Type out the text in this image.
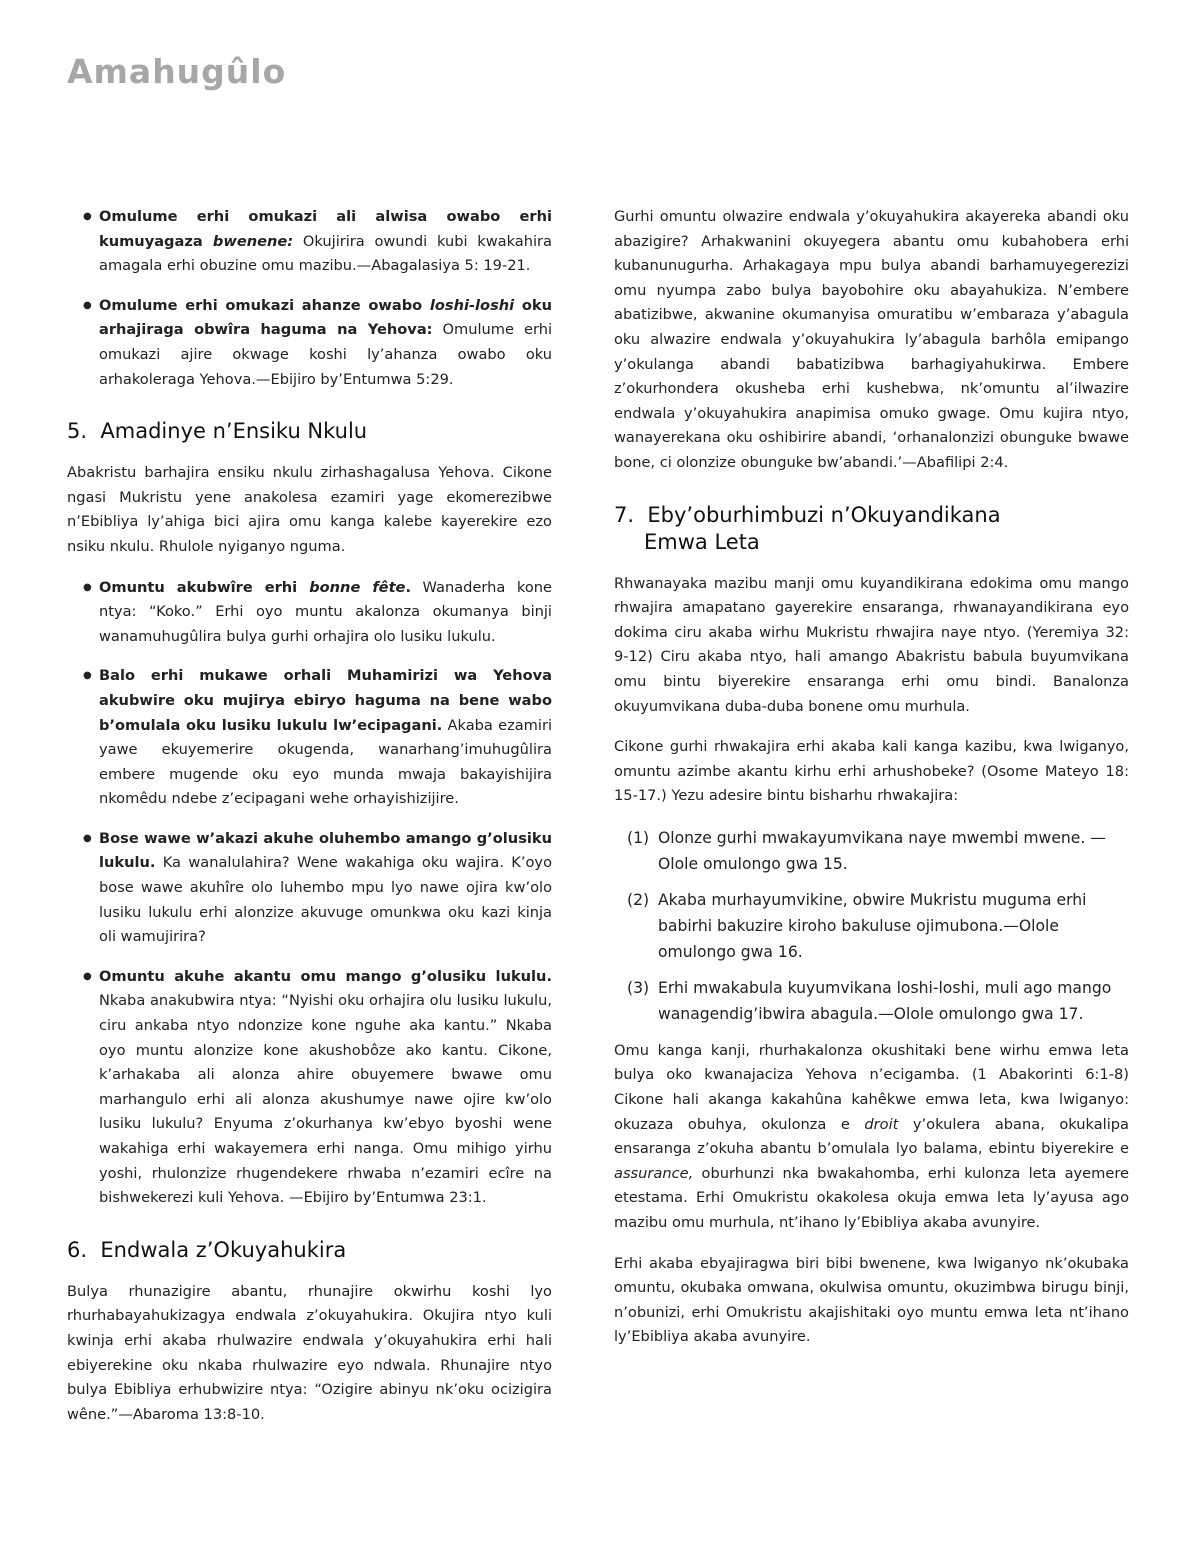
Amahugûlo
● Omulume erhi omukazi ali alwisa owabo erhi kumuyagaza bwenene: Okujirira owundi kubi kwakahira amagala erhi obuzine omu mazibu.—Abagalasiya 5: 19-21.
● Omulume erhi omukazi ahanze owabo loshi-loshi oku arhajiraga obwîra haguma na Yehova: Omulume erhi omukazi ajire okwage koshi ly’ahanza owabo oku arhakoleraga Yehova.—Ebijiro by’Entumwa 5:29.
5. Amadinye n’Ensiku Nkulu

Abakristu barhajira ensiku nkulu zirhashagalusa Yehova. Cikone ngasi Mukristu yene anakolesa ezamiri yage ekomerezibwe n’Ebibliya ly’ahiga bici ajira omu kanga kalebe kayerekire ezo nsiku nkulu. Rhulole nyiganyo nguma.

● Omuntu akubwîre erhi bonne fête. Wanaderha kone ntya: “Koko.” Erhi oyo muntu akalonza okumanya binji wanamuhugûlira bulya gurhi orhajira olo lusiku lukulu.
● Balo erhi mukawe orhali Muhamirizi wa Yehova akubwire oku mujirya ebiryo haguma na bene wabo b’omulala oku lusiku lukulu lw’ecipagani. Akaba ezamiri yawe ekuyemerire okugenda, wanarhang’imuhugûlira embere mugende oku eyo munda mwaja bakayishijira nkomêdu ndebe z’ecipagani wehe orhayishizijire.
● Bose wawe w’akazi akuhe oluhembo amango g’olusiku lukulu. Ka wanalulahira? Wene wakahiga oku wajira. K’oyo bose wawe akuhîre olo luhembo mpu lyo nawe ojira kw’olo lusiku lukulu erhi alonzize akuvuge omunkwa oku kazi kinja oli wamujirira?
● Omuntu akuhe akantu omu mango g’olusiku lukulu. Nkaba anakubwira ntya: “Nyishi oku orhajira olu lusiku lukulu, ciru ankaba ntyo ndonzize kone nguhe aka kantu.” Nkaba oyo muntu alonzize kone akushobôze ako kantu. Cikone, k’arhakaba ali alonza ahire obuyemere bwawe omu marhangulo erhi ali alonza akushumye nawe ojire kw’olo lusiku lukulu? Enyuma z’okurhanya kw’ebyo byoshi wene wakahiga erhi wakayemera erhi nanga. Omu mihigo yirhu yoshi, rhulonzize rhugendekere rhwaba n’ezamiri ecîre na bishwekerezi kuli Yehova. —Ebijiro by’Entumwa 23:1.
6. Endwala z’Okuyahukira

Bulya rhunazigire abantu, rhunajire okwirhu koshi lyo rhurhabayahukizagya endwala z’okuyahukira. Okujira ntyo kuli kwinja erhi akaba rhulwazire endwala y’okuyahukira erhi hali ebiyerekine oku nkaba rhulwazire eyo ndwala. Rhunajire ntyo bulya Ebibliya erhubwizire ntya: “Ozigire abinyu nk’oku ocizigira wêne.”—Abaroma 13:8-10.

Gurhi omuntu olwazire endwala y’okuyahukira akayereka abandi oku abazigire? Arhakwanini okuyegera abantu omu kubahobera erhi kubanunugurha. Arhakagaya mpu bulya abandi barhamuyegerezizi omu nyumpa zabo bulya bayobohire oku abayahukiza. N’embere abatizibwe, akwanine okumanyisa omuratibu w’embaraza y’abagula oku alwazire endwala y’okuyahukira ly’abagula barhôla emipango y’okulanga abandi babatizibwa barhagiyahukirwa. Embere z’okurhondera okusheba erhi kushebwa, nk’omuntu al’ilwazire endwala y’okuyahukira anapimisa omuko gwage. Omu kujira ntyo, wanayerekana oku oshibirire abandi, ‘orhanalonzizi obunguke bwawe bone, ci olonzize obunguke bw’abandi.’—Abafilipi 2:4.

7. Eby’oburhimbuzi n’Okuyandikana
Emwa Leta

Rhwanayaka mazibu manji omu kuyandikirana edokima omu mango rhwajira amapatano gayerekire ensaranga, rhwanayandikirana eyo dokima ciru akaba wirhu Mukristu rhwajira naye ntyo. (Yeremiya 32: 9-12) Ciru akaba ntyo, hali amango Abakristu babula buyumvikana omu bintu biyerekire ensaranga erhi omu bindi. Banalonza okuyumvikana duba-duba bonene omu murhula.

Cikone gurhi rhwakajira erhi akaba kali kanga kazibu, kwa lwiganyo, omuntu azimbe akantu kirhu erhi arhushobeke? (Osome Mateyo 18: 15-17.) Yezu adesire bintu bisharhu rhwakajira:

(1) Olonze gurhi mwakayumvikana naye mwembi mwene. —Olole omulongo gwa 15.
(2) Akaba murhayumvikine, obwire Mukristu muguma erhi babirhi bakuzire kiroho bakuluse ojimubona.—Olole omulongo gwa 16.
(3) Erhi mwakabula kuyumvikana loshi-loshi, muli ago mango wanagendig’ibwira abagula.—Olole omulongo gwa 17.

Omu kanga kanji, rhurhakalonza okushitaki bene wirhu emwa leta bulya oko kwanajaciza Yehova n’ecigamba. (1 Abakorinti 6:1-8) Cikone hali akanga kakahûna kahêkwe emwa leta, kwa lwiganyo: okuzaza obuhya, okulonza e droit y’okulera abana, okukalipa ensaranga z’okuha abantu b’omulala lyo balama, ebintu biyerekire e assurance, oburhunzi nka bwakahomba, erhi kulonza leta ayemere etestama. Erhi Omukristu okakolesa okuja emwa leta ly’ayusa ago mazibu omu murhula, nt’ihano ly’Ebibliya akaba avunyire.

Erhi akaba ebyajiragwa biri bibi bwenene, kwa lwiganyo nk’okubaka omuntu, okubaka omwana, okulwisa omuntu, okuzimbwa birugu binji, n’obunizi, erhi Omukristu akajishitaki oyo muntu emwa leta nt’ihano ly’Ebibliya akaba avunyire.
